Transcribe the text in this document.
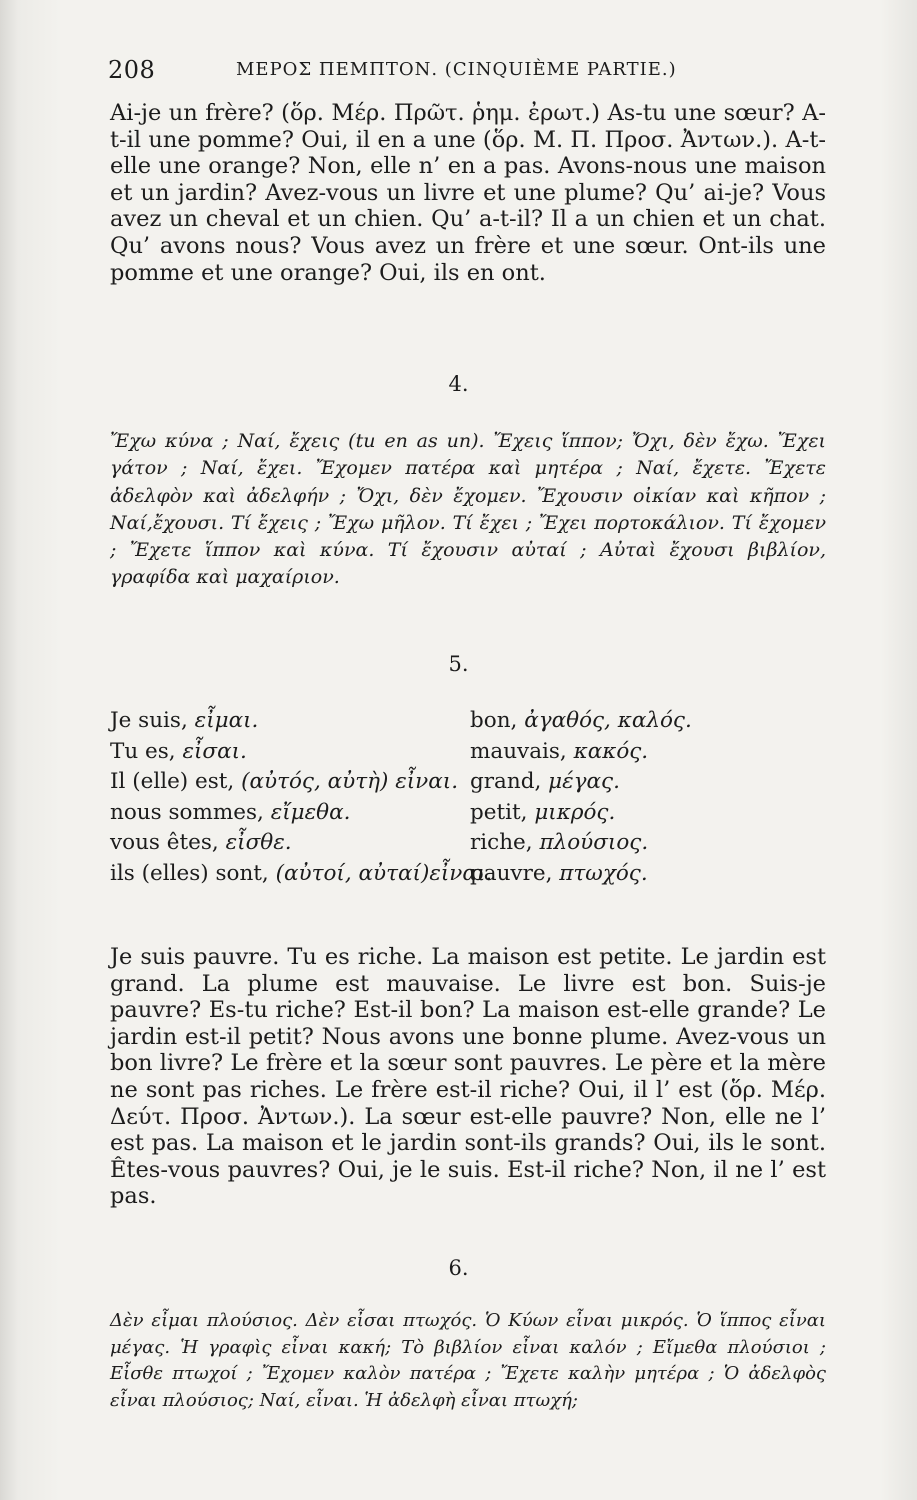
208	ΜΕΡΟΣ ΠΕΜΠΤΟΝ. (CINQUIÈME PARTIE.)
Ai-je un frère? (ὅρ. Μέρ. Πρῶτ. ῥημ. ἐρωτ.) As-tu une sœur? A-t-il une pomme? Oui, il en a une (ὅρ. Μ. Π. Προσ. Ἀντων.). A-t-elle une orange? Non, elle n’ en a pas. Avons-nous une maison et un jardin? Avez-vous un livre et une plume? Qu’ ai-je? Vous avez un cheval et un chien. Qu’ a-t-il? Il a un chien et un chat. Qu’ avons nous? Vous avez un frère et une sœur. Ont-ils une pomme et une orange? Oui, ils en ont.
4.
Ἔχω κύνα ; Ναί, ἔχεις (tu en as un). Ἔχεις ἵππον; Ὄχι, δὲν ἔχω. Ἔχει γάτον ; Ναί, ἔχει. Ἔχομεν πατέρα καὶ μητέρα ; Ναί, ἔχετε. Ἔχετε ἀδελφὸν καὶ ἀδελφήν ; Ὄχι, δὲν ἔχομεν. Ἔχουσιν οἰκίαν καὶ κῆπον ; Ναί,ἔχουσι. Τί ἔχεις ; Ἔχω μῆλον. Τί ἔχει ; Ἔχει πορτοκάλιον. Τί ἔχομεν ; Ἔχετε ἵππον καὶ κύνα. Τί ἔχουσιν αὐταί ; Αὐταὶ ἔχουσι βιβλίον, γραφίδα καὶ μαχαίριον.
5.
Je suis, εἶμαι.
Tu es, εἶσαι.
Il (elle) est, (αὐτός, αὐτὴ) εἶναι.
nous sommes, εἴμεθα.
vous êtes, εἶσθε.
ils (elles) sont, (αὐτοί, αὐταί)εἶναι.
bon, ἀγαθός, καλός.
mauvais, κακός.
grand, μέγας.
petit, μικρός.
riche, πλούσιος.
pauvre, πτωχός.
Je suis pauvre. Tu es riche. La maison est petite. Le jardin est grand. La plume est mauvaise. Le livre est bon. Suis-je pauvre? Es-tu riche? Est-il bon? La maison est-elle grande? Le jardin est-il petit? Nous avons une bonne plume. Avez-vous un bon livre? Le frère et la sœur sont pauvres. Le père et la mère ne sont pas riches. Le frère est-il riche? Oui, il l’ est (ὅρ. Μέρ. Δεύτ. Προσ. Ἀντων.). La sœur est-elle pauvre? Non, elle ne l’ est pas. La maison et le jardin sont-ils grands? Oui, ils le sont. Êtes-vous pauvres? Oui, je le suis. Est-il riche? Non, il ne l’ est pas.
6.
Δὲν εἶμαι πλούσιος. Δὲν εἶσαι πτωχός. Ὁ Κύων εἶναι μικρός. Ὁ ἵππος εἶναι μέγας. Ἡ γραφὶς εἶναι κακή; Τὸ βιβλίον εἶναι καλόν ; Εἴμεθα πλούσιοι ; Εἶσθε πτωχοί ; Ἔχομεν καλὸν πατέρα ; Ἔχετε καλὴν μητέρα ; Ὁ ἀδελφὸς εἶναι πλούσιος; Ναί, εἶναι. Ἡ ἀδελφὴ εἶναι πτωχή;
